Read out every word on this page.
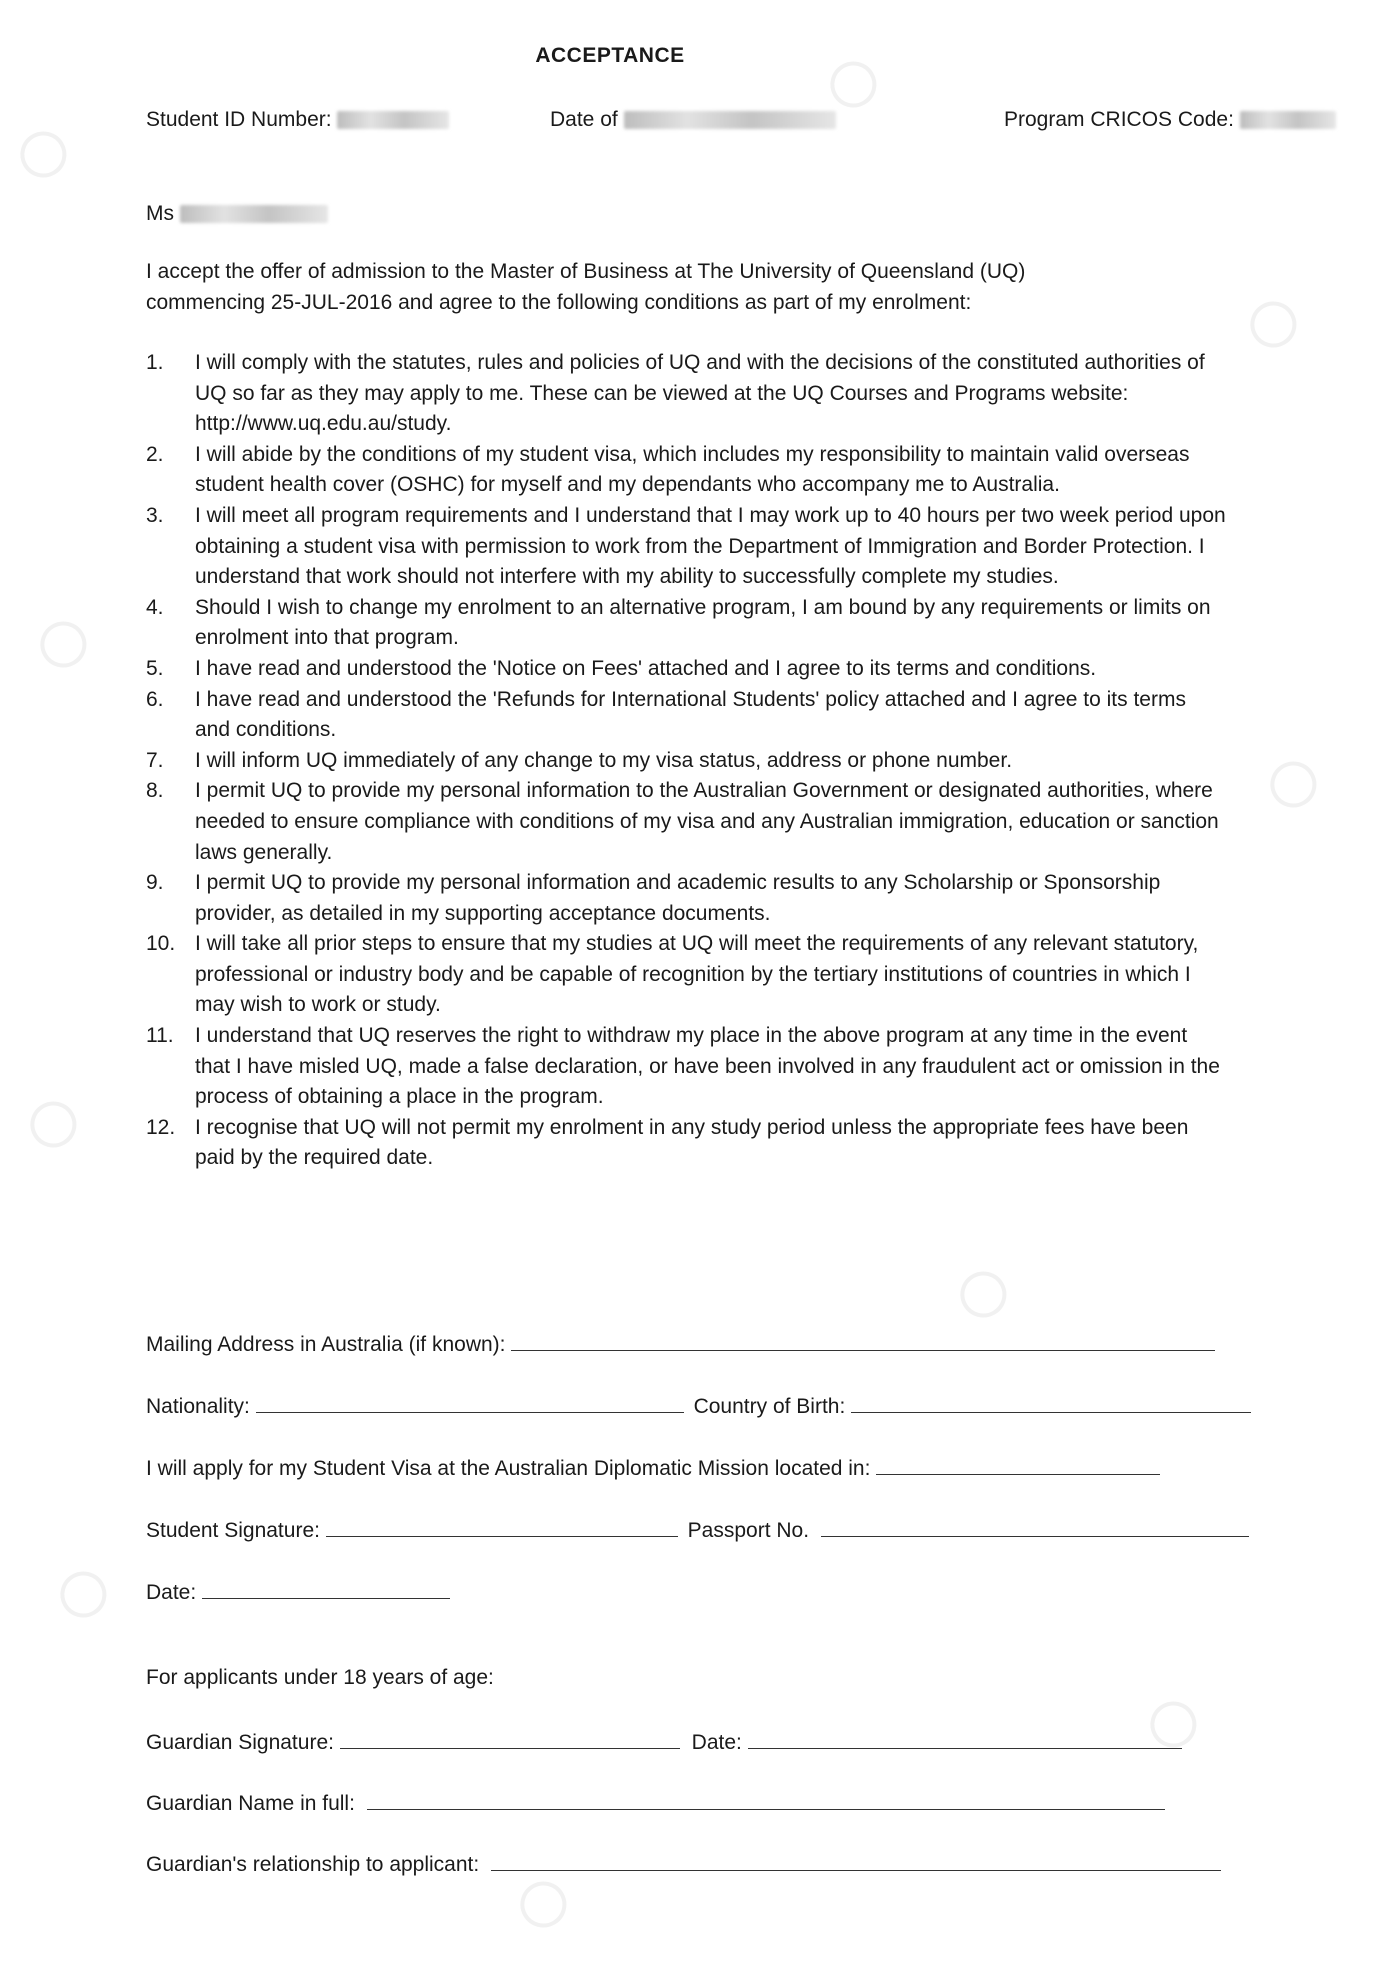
ACCEPTANCE
Student ID Number:	Date of	Program CRICOS Code:
Ms
I accept the offer of admission to the Master of Business at The University of Queensland (UQ) commencing 25-JUL-2016 and agree to the following conditions as part of my enrolment:
1. I will comply with the statutes, rules and policies of UQ and with the decisions of the constituted authorities of UQ so far as they may apply to me. These can be viewed at the UQ Courses and Programs website: http://www.uq.edu.au/study.
2. I will abide by the conditions of my student visa, which includes my responsibility to maintain valid overseas student health cover (OSHC) for myself and my dependants who accompany me to Australia.
3. I will meet all program requirements and I understand that I may work up to 40 hours per two week period upon obtaining a student visa with permission to work from the Department of Immigration and Border Protection. I understand that work should not interfere with my ability to successfully complete my studies.
4. Should I wish to change my enrolment to an alternative program, I am bound by any requirements or limits on enrolment into that program.
5. I have read and understood the 'Notice on Fees' attached and I agree to its terms and conditions.
6. I have read and understood the 'Refunds for International Students' policy attached and I agree to its terms and conditions.
7. I will inform UQ immediately of any change to my visa status, address or phone number.
8. I permit UQ to provide my personal information to the Australian Government or designated authorities, where needed to ensure compliance with conditions of my visa and any Australian immigration, education or sanction laws generally.
9. I permit UQ to provide my personal information and academic results to any Scholarship or Sponsorship provider, as detailed in my supporting acceptance documents.
10. I will take all prior steps to ensure that my studies at UQ will meet the requirements of any relevant statutory, professional or industry body and be capable of recognition by the tertiary institutions of countries in which I may wish to work or study.
11. I understand that UQ reserves the right to withdraw my place in the above program at any time in the event that I have misled UQ, made a false declaration, or have been involved in any fraudulent act or omission in the process of obtaining a place in the program.
12. I recognise that UQ will not permit my enrolment in any study period unless the appropriate fees have been paid by the required date.
Mailing Address in Australia (if known):
Nationality:	Country of Birth:
I will apply for my Student Visa at the Australian Diplomatic Mission located in:
Student Signature:	Passport No.
Date:
For applicants under 18 years of age:
Guardian Signature:	Date:
Guardian Name in full:
Guardian's relationship to applicant:
